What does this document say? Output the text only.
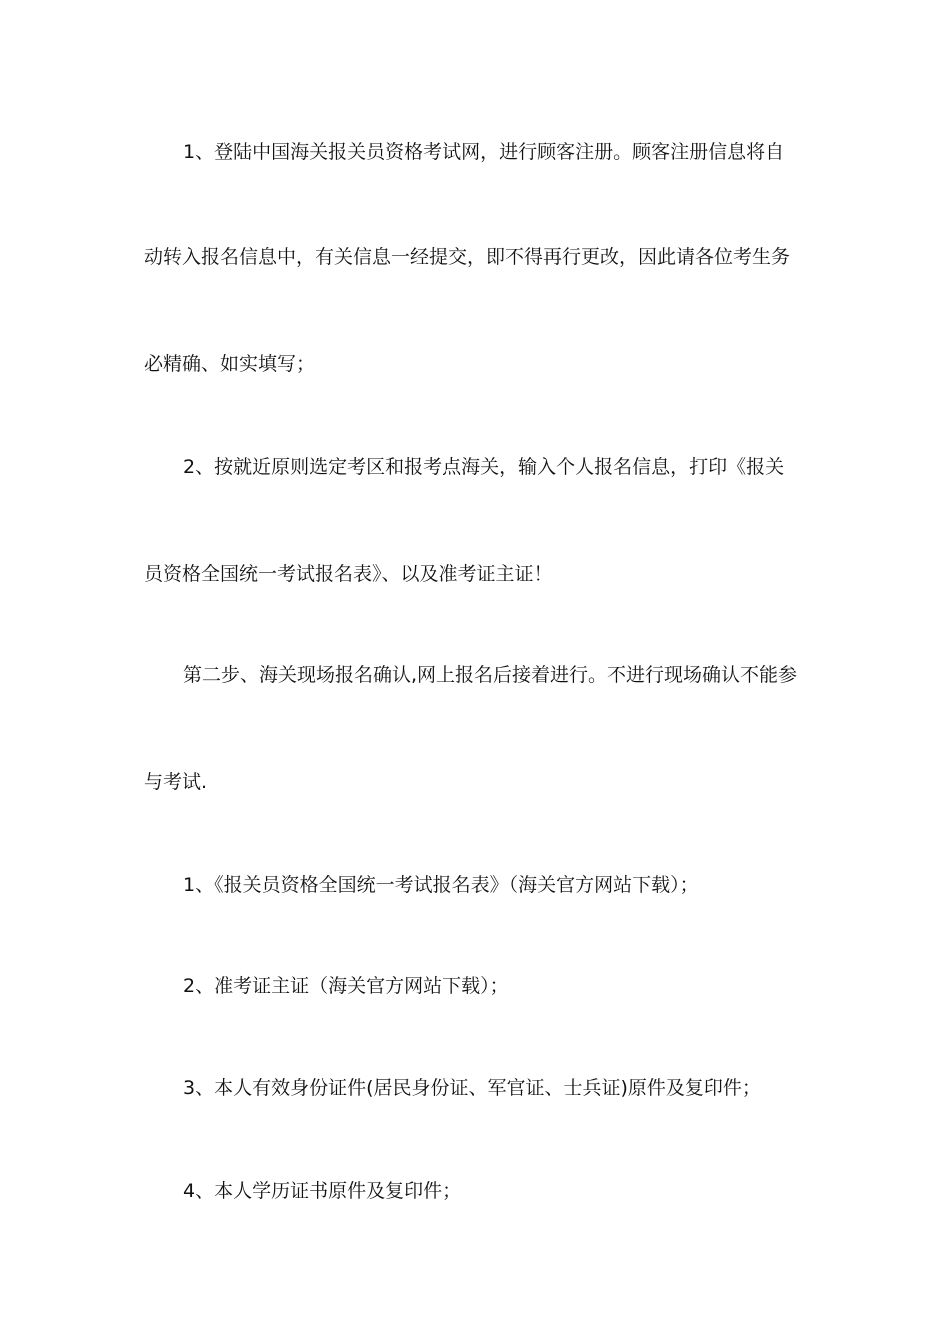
1、登陆中国海关报关员资格考试网，进行顾客注册。顾客注册信息将自
动转入报名信息中，有关信息一经提交，即不得再行更改，因此请各位考生务
必精确、如实填写；
2、按就近原则选定考区和报考点海关，输入个人报名信息，打印《报关
员资格全国统一考试报名表》、以及准考证主证！
第二步、海关现场报名确认,网上报名后接着进行。不进行现场确认不能参
与考试.
1、《报关员资格全国统一考试报名表》（海关官方网站下载）；
2、准考证主证（海关官方网站下载）；
3、本人有效身份证件(居民身份证、军官证、士兵证)原件及复印件；
4、本人学历证书原件及复印件；
